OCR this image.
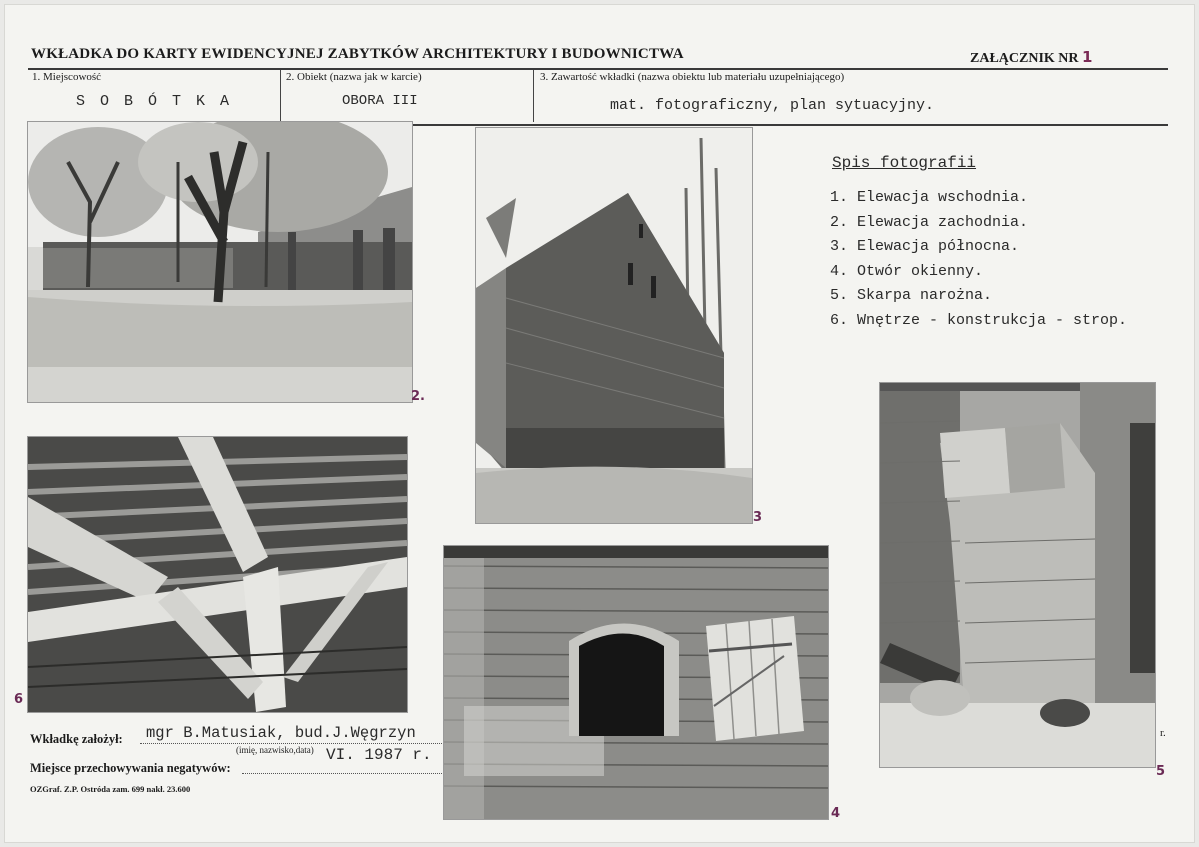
WKŁADKA DO KARTY EWIDENCYJNEJ ZABYTKÓW ARCHITEKTURY I BUDOWNICTWA	ZAŁĄCZNIK NR 1
1. Miejscowość
S O B Ó T K A
2. Obiekt (nazwa jak w karcie)
OBORA III
3. Zawartość wkładki (nazwa obiektu lub materiału uzupełniającego)
mat. fotograficzny, plan sytuacyjny.
2.
3
Spis fotografii
1. Elewacja wschodnia.
2. Elewacja zachodnia.
3. Elewacja północna.
4. Otwór okienny.
5. Skarpa narożna.
6. Wnętrze - konstrukcja - strop.
6
4
5
r.
Wkładkę założył: mgr B.Matusiak, bud.J.Węgrzyn
(imię, nazwisko,data) VI. 1987 r.
Miejsce przechowywania negatywów:
OZGraf. Z.P. Ostróda zam. 699 nakł. 23.600
